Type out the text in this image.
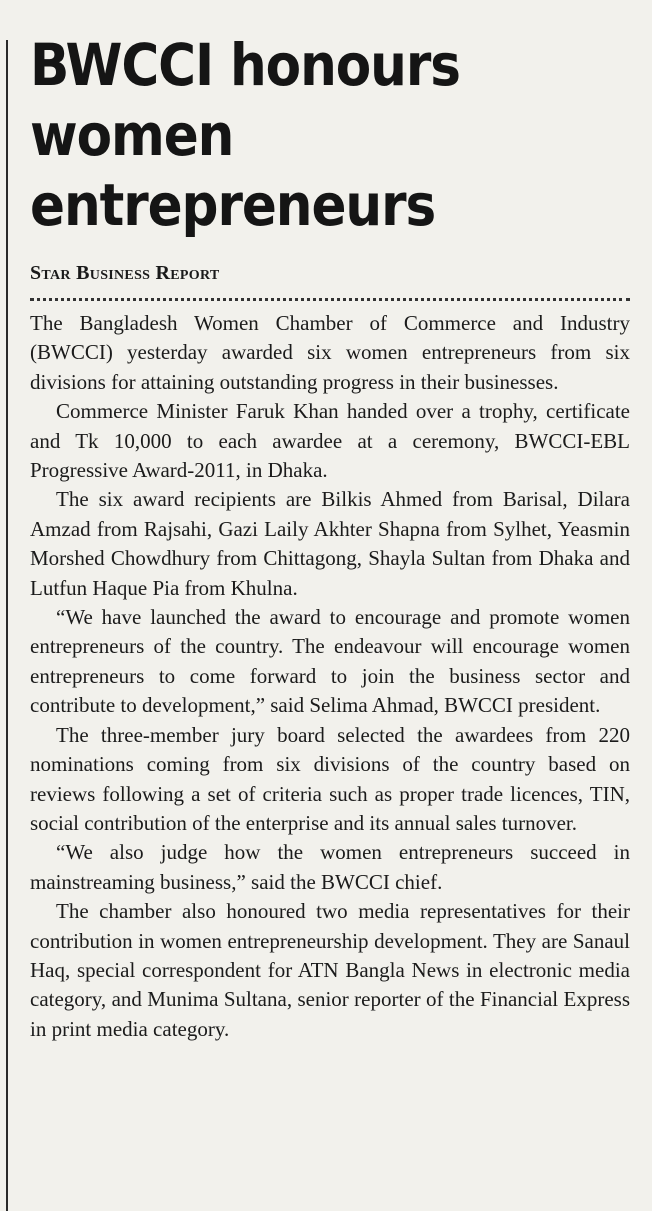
BWCCI honours women entrepreneurs
Star Business Report

The Bangladesh Women Chamber of Commerce and Industry (BWCCI) yesterday awarded six women entrepreneurs from six divisions for attaining outstanding progress in their businesses.

Commerce Minister Faruk Khan handed over a trophy, certificate and Tk 10,000 to each awardee at a ceremony, BWCCI-EBL Progressive Award-2011, in Dhaka.

The six award recipients are Bilkis Ahmed from Barisal, Dilara Amzad from Rajsahi, Gazi Laily Akhter Shapna from Sylhet, Yeasmin Morshed Chowdhury from Chittagong, Shayla Sultan from Dhaka and Lutfun Haque Pia from Khulna.

“We have launched the award to encourage and promote women entrepreneurs of the country. The endeavour will encourage women entrepreneurs to come forward to join the business sector and contribute to development,” said Selima Ahmad, BWCCI president.

The three-member jury board selected the awardees from 220 nominations coming from six divisions of the country based on reviews following a set of criteria such as proper trade licences, TIN, social contribution of the enterprise and its annual sales turnover.

“We also judge how the women entrepreneurs succeed in mainstreaming business,” said the BWCCI chief.

The chamber also honoured two media representatives for their contribution in women entrepreneurship development. They are Sanaul Haq, special correspondent for ATN Bangla News in electronic media category, and Munima Sultana, senior reporter of the Financial Express in print media category.
